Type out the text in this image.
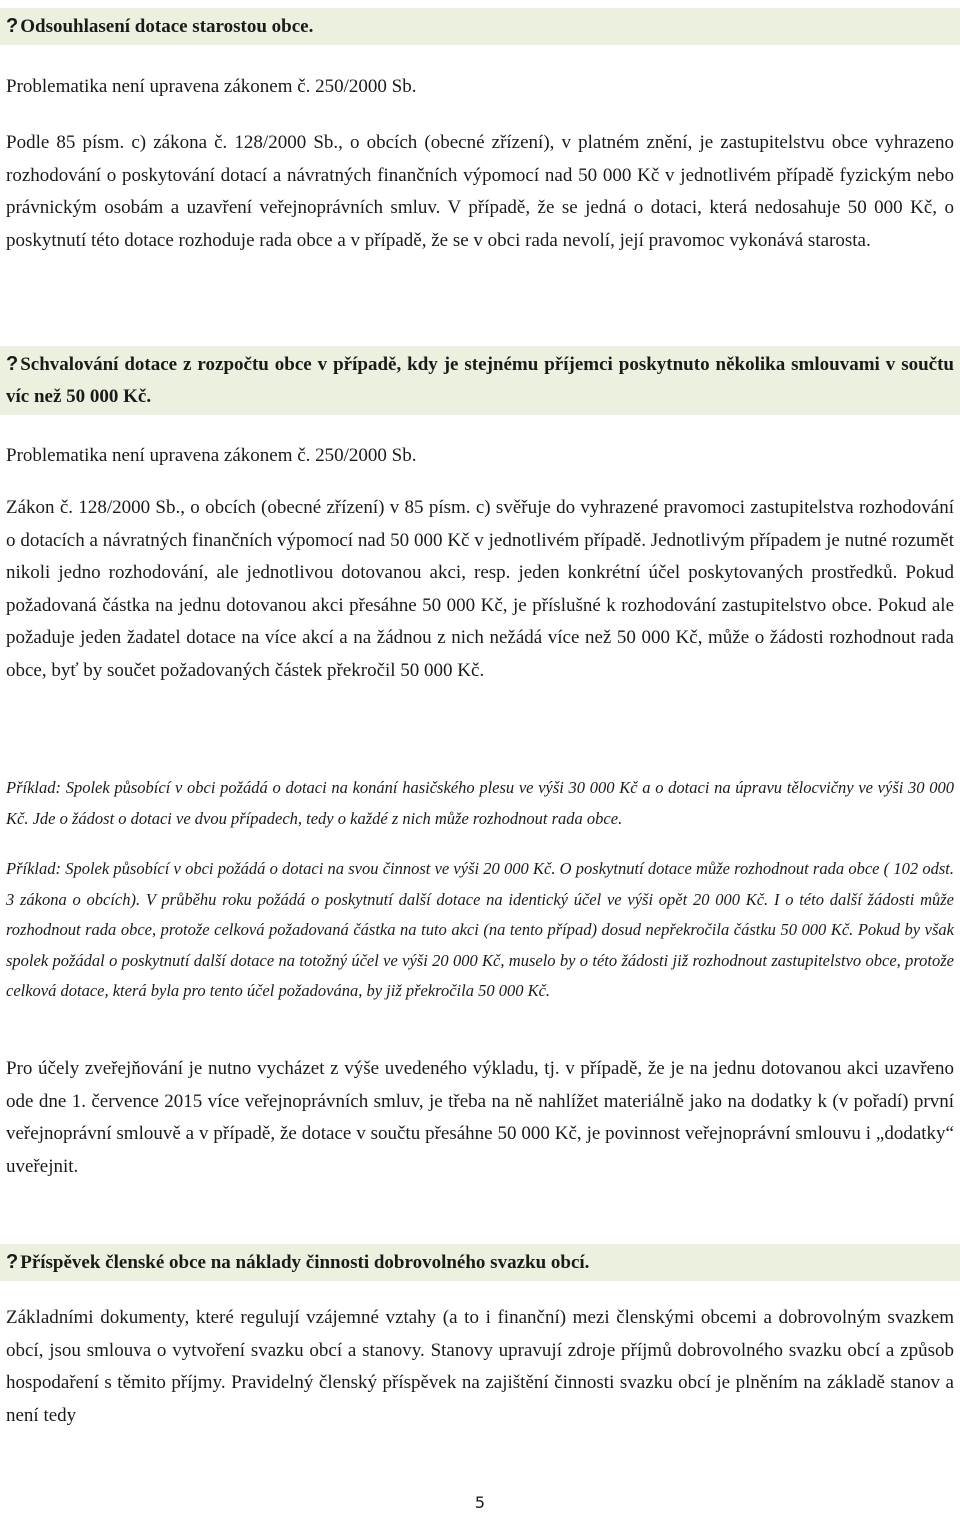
? Odsouhlasení dotace starostou obce.

Problematika není upravena zákonem č. 250/2000 Sb.

Podle 85 písm. c) zákona č. 128/2000 Sb., o obcích (obecné zřízení), v platném znění, je zastupitelstvu obce vyhrazeno rozhodování o poskytování dotací a návratných finančních výpomocí nad 50 000 Kč v jednotlivém případě fyzickým nebo právnickým osobám a uzavření veřejnoprávních smluv. V případě, že se jedná o dotaci, která nedosahuje 50 000 Kč, o poskytnutí této dotace rozhoduje rada obce a v případě, že se v obci rada nevolí, její pravomoc vykonává starosta.

? Schvalování dotace z rozpočtu obce v případě, kdy je stejnému příjemci poskytnuto několika smlouvami v součtu víc než 50 000 Kč.

Problematika není upravena zákonem č. 250/2000 Sb.

Zákon č. 128/2000 Sb., o obcích (obecné zřízení) v 85 písm. c) svěřuje do vyhrazené pravomoci zastupitelstva rozhodování o dotacích a návratných finančních výpomocí nad 50 000 Kč v jednotlivém případě. Jednotlivým případem je nutné rozumět nikoli jedno rozhodování, ale jednotlivou dotovanou akci, resp. jeden konkrétní účel poskytovaných prostředků. Pokud požadovaná částka na jednu dotovanou akci přesáhne 50 000 Kč, je příslušné k rozhodování zastupitelstvo obce. Pokud ale požaduje jeden žadatel dotace na více akcí a na žádnou z nich nežádá více než 50 000 Kč, může o žádosti rozhodnout rada obce, byť by součet požadovaných částek překročil 50 000 Kč.

Příklad: Spolek působící v obci požádá o dotaci na konání hasičského plesu ve výši 30 000 Kč a o dotaci na úpravu tělocvičny ve výši 30 000 Kč. Jde o žádost o dotaci ve dvou případech, tedy o každé z nich může rozhodnout rada obce.

Příklad: Spolek působící v obci požádá o dotaci na svou činnost ve výši 20 000 Kč. O poskytnutí dotace může rozhodnout rada obce ( 102 odst. 3 zákona o obcích). V průběhu roku požádá o poskytnutí další dotace na identický účel ve výši opět 20 000 Kč. I o této další žádosti může rozhodnout rada obce, protože celková požadovaná částka na tuto akci (na tento případ) dosud nepřekročila částku 50 000 Kč. Pokud by však spolek požádal o poskytnutí další dotace na totožný účel ve výši 20 000 Kč, muselo by o této žádosti již rozhodnout zastupitelstvo obce, protože celková dotace, která byla pro tento účel požadována, by již překročila 50 000 Kč.

Pro účely zveřejňování je nutno vycházet z výše uvedeného výkladu, tj. v případě, že je na jednu dotovanou akci uzavřeno ode dne 1. července 2015 více veřejnoprávních smluv, je třeba na ně nahlížet materiálně jako na dodatky k (v pořadí) první veřejnoprávní smlouvě a v případě, že dotace v součtu přesáhne 50 000 Kč, je povinnost veřejnoprávní smlouvu i „dodatky“ uveřejnit.

? Příspěvek členské obce na náklady činnosti dobrovolného svazku obcí.

Základními dokumenty, které regulují vzájemné vztahy (a to i finanční) mezi členskými obcemi a dobrovolným svazkem obcí, jsou smlouva o vytvoření svazku obcí a stanovy. Stanovy upravují zdroje příjmů dobrovolného svazku obcí a způsob hospodaření s těmito příjmy. Pravidelný členský příspěvek na zajištění činnosti svazku obcí je plněním na základě stanov a není tedy

5
